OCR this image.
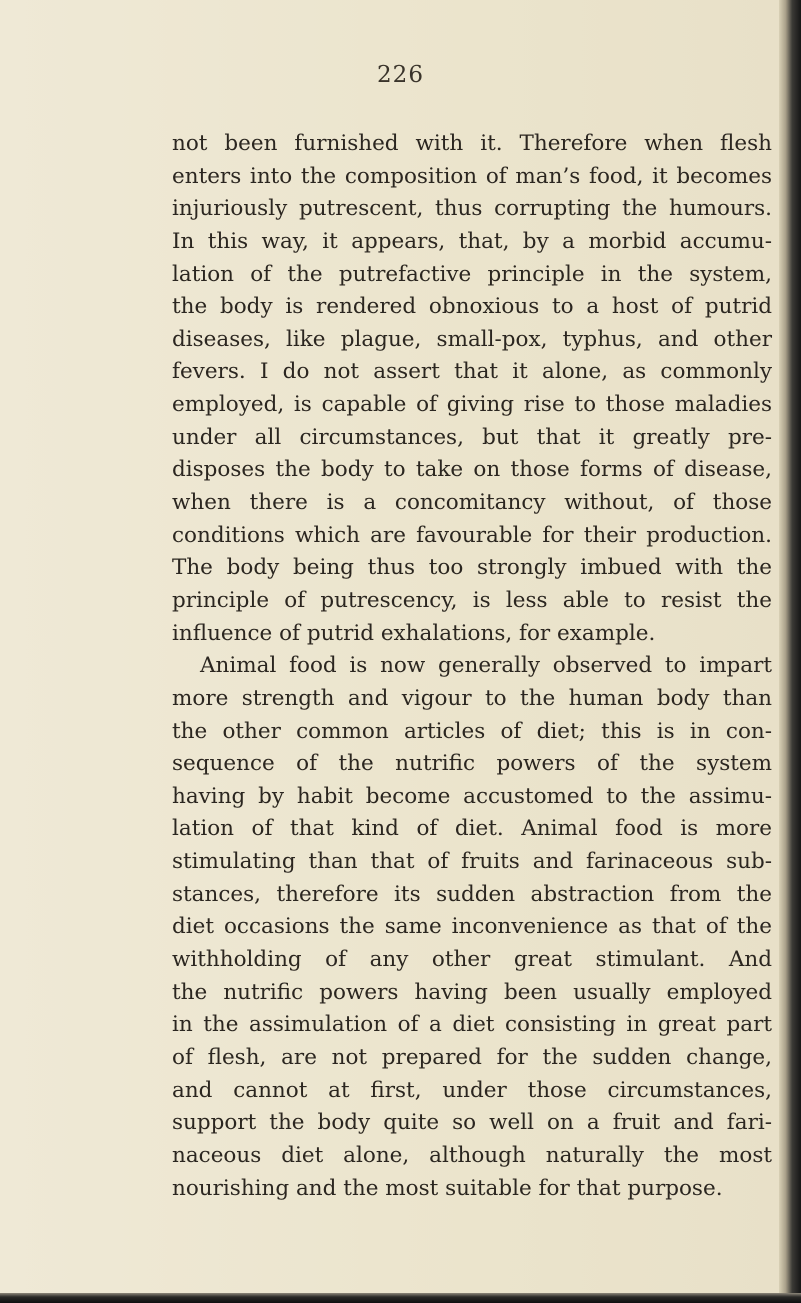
226
not been furnished with it. Therefore when flesh
enters into the composition of man’s food, it becomes
injuriously putrescent, thus corrupting the humours.
In this way, it appears, that, by a morbid accumu-
lation of the putrefactive principle in the system,
the body is rendered obnoxious to a host of putrid
diseases, like plague, small-pox, typhus, and other
fevers. I do not assert that it alone, as commonly
employed, is capable of giving rise to those maladies
under all circumstances, but that it greatly pre-
disposes the body to take on those forms of disease,
when there is a concomitancy without, of those
conditions which are favourable for their production.
The body being thus too strongly imbued with the
principle of putrescency, is less able to resist the
influence of putrid exhalations, for example.
Animal food is now generally observed to impart
more strength and vigour to the human body than
the other common articles of diet; this is in con-
sequence of the nutrific powers of the system
having by habit become accustomed to the assimu-
lation of that kind of diet. Animal food is more
stimulating than that of fruits and farinaceous sub-
stances, therefore its sudden abstraction from the
diet occasions the same inconvenience as that of the
withholding of any other great stimulant. And
the nutrific powers having been usually employed
in the assimulation of a diet consisting in great part
of flesh, are not prepared for the sudden change,
and cannot at first, under those circumstances,
support the body quite so well on a fruit and fari-
naceous diet alone, although naturally the most
nourishing and the most suitable for that purpose.
